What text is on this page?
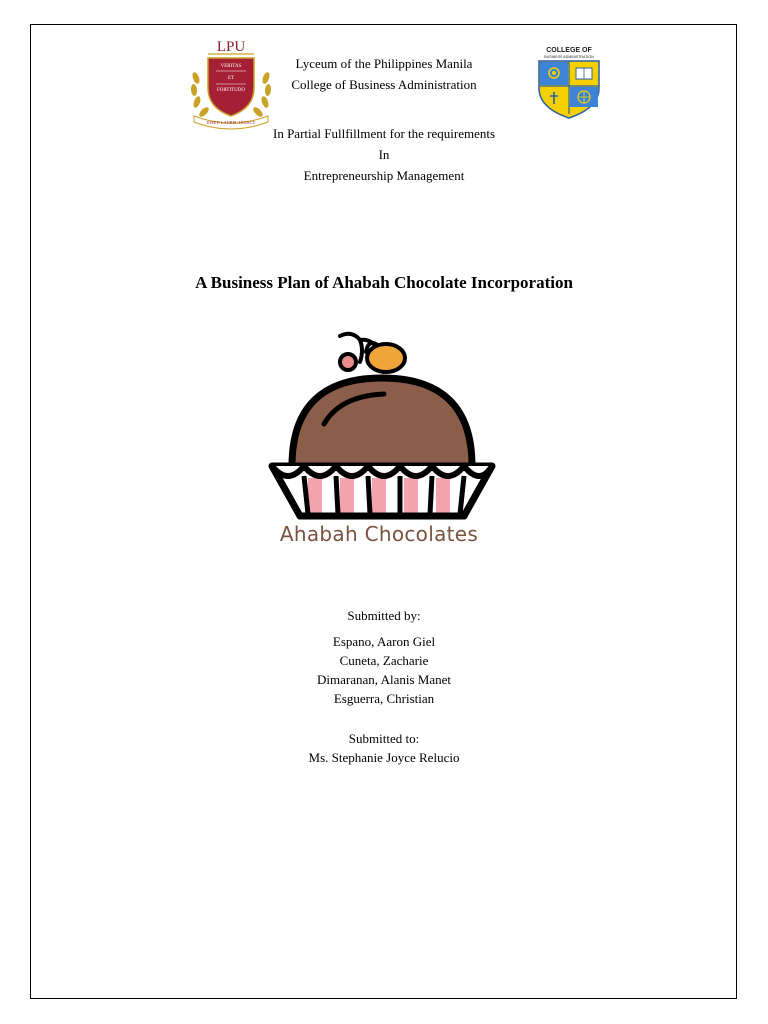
LPU
VERITAS
ET
FORTITUDO
JOSE P. LAUREL LEGACY
COLLEGE OF
BUSINESS ADMINISTRATION
Lyceum of the Philippines Manila
College of Business Administration
In Partial Fullfillment for the requirements
In
Entrepreneurship Management
A Business Plan of Ahabah Chocolate Incorporation
Ahabah Chocolates
Submitted by:
Espano, Aaron Giel
Cuneta, Zacharie
Dimaranan, Alanis Manet
Esguerra, Christian
Submitted to:
Ms. Stephanie Joyce Relucio
